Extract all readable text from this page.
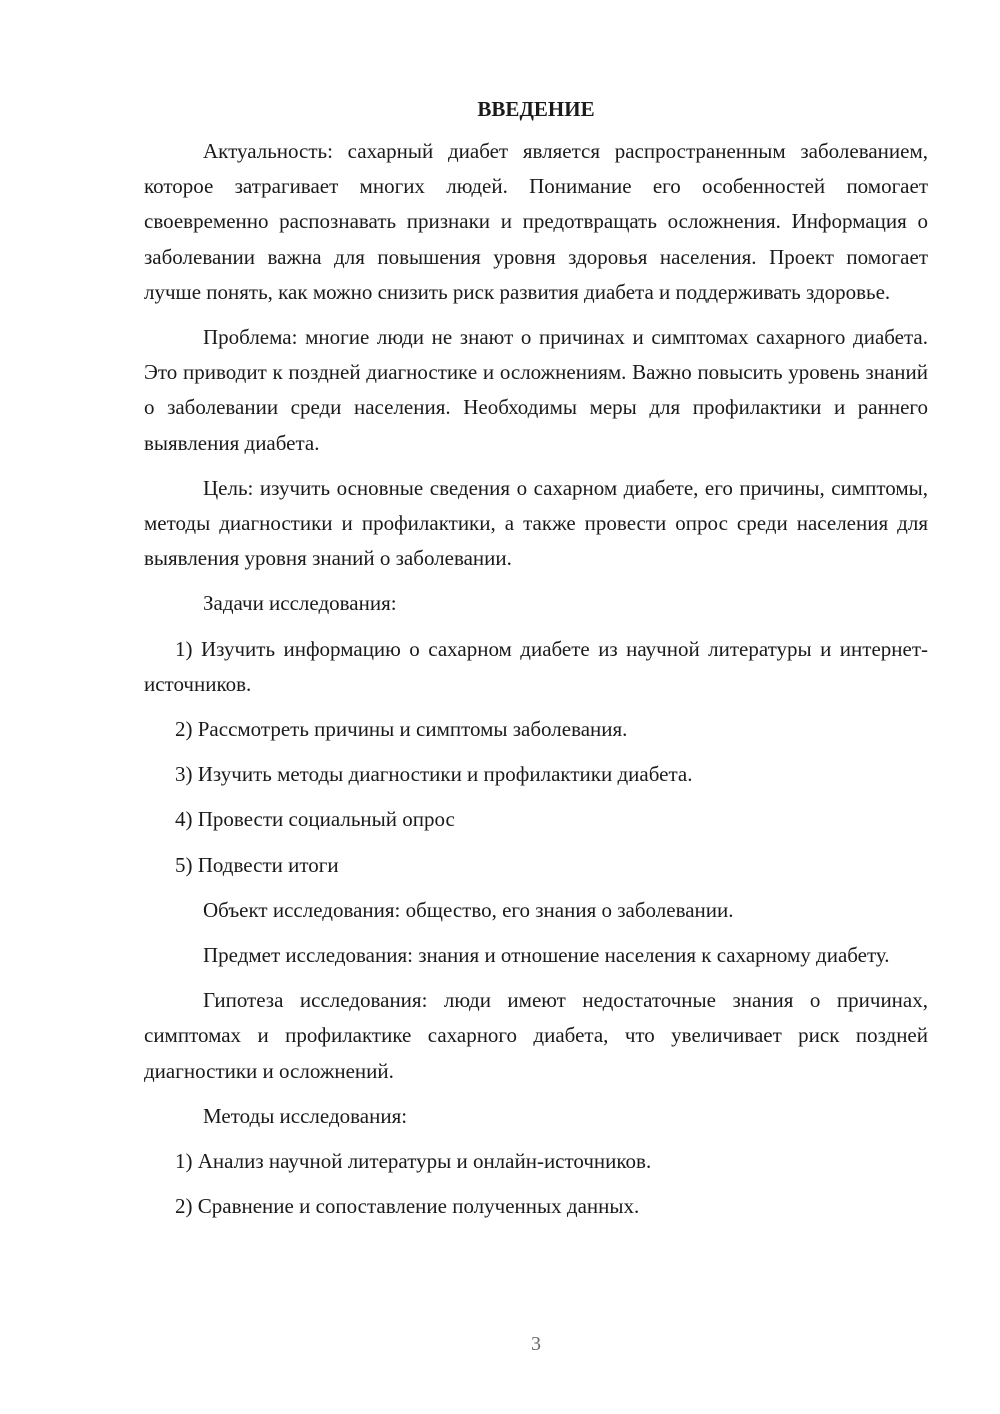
ВВЕДЕНИЕ

Актуальность: сахарный диабет является распространенным заболеванием, которое затрагивает многих людей. Понимание его особенностей помогает своевременно распознавать признаки и предотвращать осложнения. Информация о заболевании важна для повышения уровня здоровья населения. Проект помогает лучше понять, как можно снизить риск развития диабета и поддерживать здоровье.

Проблема: многие люди не знают о причинах и симптомах сахарного диабета. Это приводит к поздней диагностике и осложнениям. Важно повысить уровень знаний о заболевании среди населения. Необходимы меры для профилактики и раннего выявления диабета.

Цель: изучить основные сведения о сахарном диабете, его причины, симптомы, методы диагностики и профилактики, а также провести опрос среди населения для выявления уровня знаний о заболевании.

Задачи исследования:

1) Изучить информацию о сахарном диабете из научной литературы и интернет-источников.

2) Рассмотреть причины и симптомы заболевания.

3) Изучить методы диагностики и профилактики диабета.

4) Провести социальный опрос

5) Подвести итоги

Объект исследования: общество, его знания о заболевании.

Предмет исследования: знания и отношение населения к сахарному диабету.

Гипотеза исследования: люди имеют недостаточные знания о причинах, симптомах и профилактике сахарного диабета, что увеличивает риск поздней диагностики и осложнений.

Методы исследования:

1) Анализ научной литературы и онлайн-источников.

2) Сравнение и сопоставление полученных данных.

3
